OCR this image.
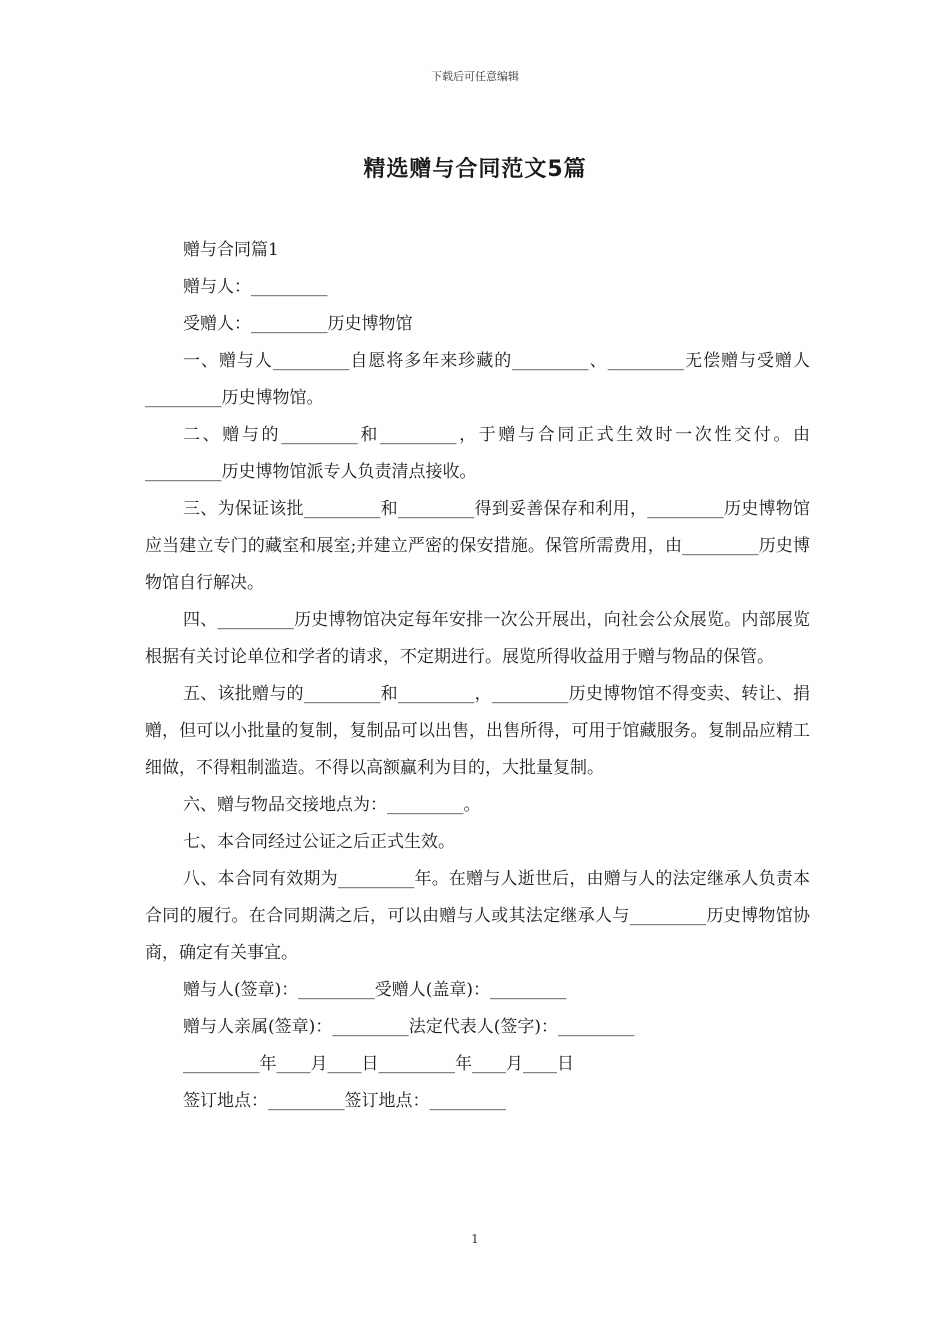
下载后可任意编辑
精选赠与合同范文5篇

赠与合同篇1

赠与人：_________

受赠人：_________历史博物馆

一、赠与人_________自愿将多年来珍藏的_________、_________无偿赠与受赠人_________历史博物馆。

二、赠与的_________和_________，于赠与合同正式生效时一次性交付。由_________历史博物馆派专人负责清点接收。

三、为保证该批_________和_________得到妥善保存和利用，_________历史博物馆应当建立专门的藏室和展室;并建立严密的保安措施。保管所需费用，由_________历史博物馆自行解决。

四、_________历史博物馆决定每年安排一次公开展出，向社会公众展览。内部展览根据有关讨论单位和学者的请求，不定期进行。展览所得收益用于赠与物品的保管。

五、该批赠与的_________和_________，_________历史博物馆不得变卖、转让、捐赠，但可以小批量的复制，复制品可以出售，出售所得，可用于馆藏服务。复制品应精工细做，不得粗制滥造。不得以高额赢利为目的，大批量复制。

六、赠与物品交接地点为：_________。

七、本合同经过公证之后正式生效。

八、本合同有效期为_________年。在赠与人逝世后，由赠与人的法定继承人负责本合同的履行。在合同期满之后，可以由赠与人或其法定继承人与_________历史博物馆协商，确定有关事宜。

赠与人(签章)：_________受赠人(盖章)：_________

赠与人亲属(签章)：_________法定代表人(签字)：_________

_________年____月____日_________年____月____日

签订地点：_________签订地点：_________

1
